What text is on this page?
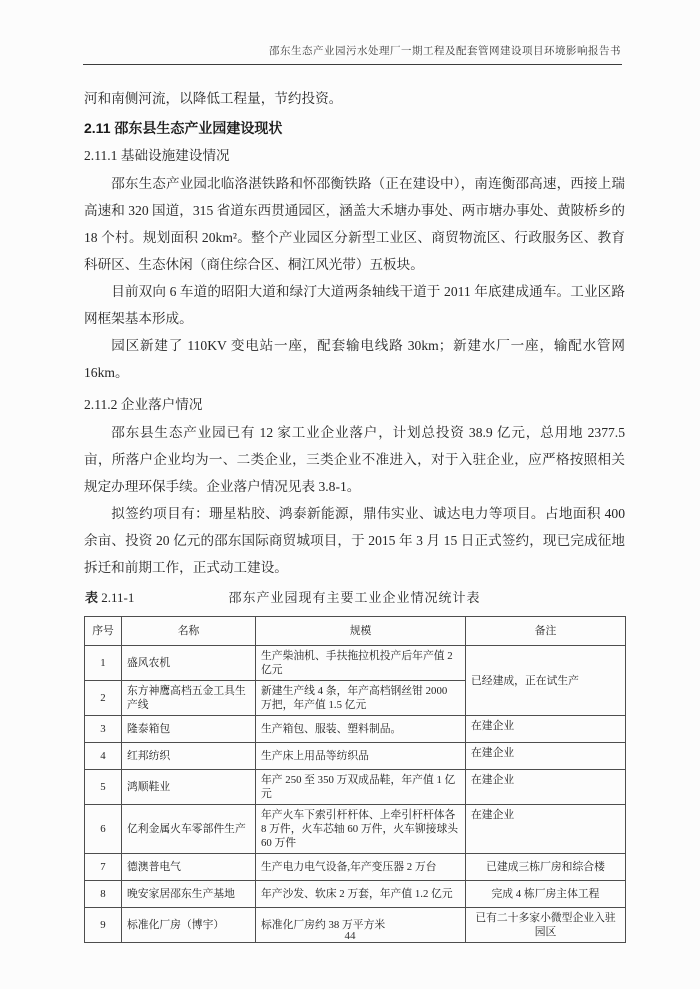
邵东生态产业园污水处理厂一期工程及配套管网建设项目环境影响报告书

河和南侧河流，以降低工程量，节约投资。

2.11 邵东县生态产业园建设现状
2.11.1 基础设施建设情况

邵东生态产业园北临洛湛铁路和怀邵衡铁路（正在建设中），南连衡邵高速，西接上瑞高速和 320 国道，315 省道东西贯通园区，涵盖大禾塘办事处、两市塘办事处、黄陂桥乡的 18 个村。规划面积 20km²。整个产业园区分新型工业区、商贸物流区、行政服务区、教育科研区、生态休闲（商住综合区、桐江风光带）五板块。

目前双向 6 车道的昭阳大道和绿汀大道两条轴线干道于 2011 年底建成通车。工业区路网框架基本形成。

园区新建了 110KV 变电站一座，配套输电线路 30km；新建水厂一座，输配水管网 16km。

2.11.2 企业落户情况

邵东县生态产业园已有 12 家工业企业落户，计划总投资 38.9 亿元，总用地 2377.5 亩，所落户企业均为一、二类企业，三类企业不准进入，对于入驻企业，应严格按照相关规定办理环保手续。企业落户情况见表 3.8-1。

拟签约项目有：珊星粘胶、鸿泰新能源，鼎伟实业、诚达电力等项目。占地面积 400 余亩、投资 20 亿元的邵东国际商贸城项目，于 2015 年 3 月 15 日正式签约，现已完成征地拆迁和前期工作，正式动工建设。

表 2.11-1	邵东产业园现有主要工业企业情况统计表
序号	名称	规模	备注
1	盛风农机	生产柴油机、手扶拖拉机投产后年产值 2 亿元	已经建成，正在试生产
2	东方神鹰高档五金工具生产线	新建生产线 4 条，年产高档钢丝钳 2000 万把，年产值 1.5 亿元	
3	隆泰箱包	生产箱包、服装、塑料制品。	在建企业
4	红邦纺织	生产床上用品等纺织品	在建企业
5	鸿顺鞋业	年产 250 至 350 万双成品鞋，年产值 1 亿元	在建企业
6	亿利金属火车零部件生产	年产火车下索引杆杆体、上牵引杆杆体各 8 万件，火车芯轴 60 万件，火车铆接球头 60 万件	在建企业
7	德澳普电气	生产电力电气设备,年产变压器 2 万台	已建成三栋厂房和综合楼
8	晚安家居邵东生产基地	年产沙发、软床 2 万套，年产值 1.2 亿元	完成 4 栋厂房主体工程
9	标准化厂房（博宇）	标准化厂房约 38 万平方米	已有二十多家小微型企业入驻园区
44
